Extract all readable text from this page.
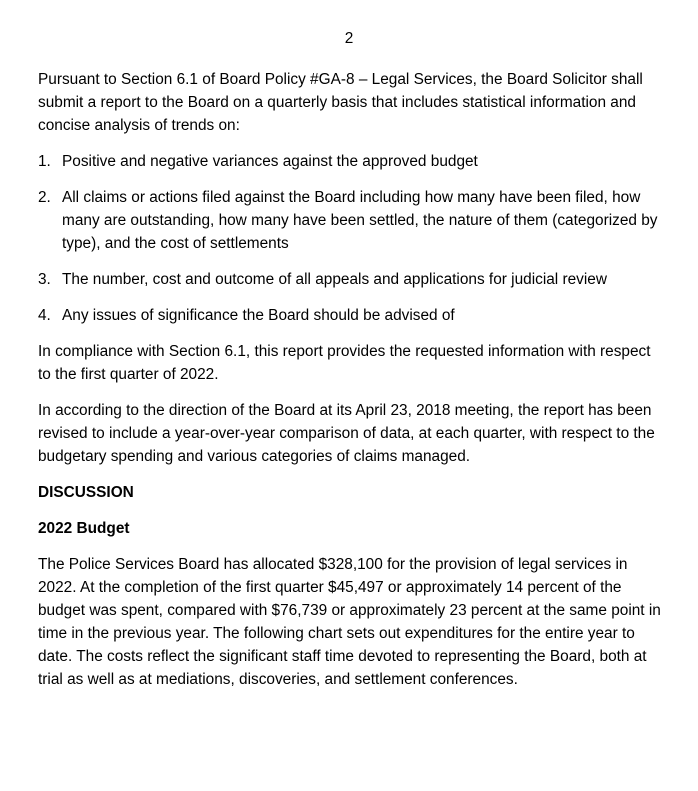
2

Pursuant to Section 6.1 of Board Policy #GA-8 – Legal Services, the Board Solicitor shall submit a report to the Board on a quarterly basis that includes statistical information and concise analysis of trends on:

1. Positive and negative variances against the approved budget
2. All claims or actions filed against the Board including how many have been filed, how many are outstanding, how many have been settled, the nature of them (categorized by type), and the cost of settlements
3. The number, cost and outcome of all appeals and applications for judicial review
4. Any issues of significance the Board should be advised of

In compliance with Section 6.1, this report provides the requested information with respect to the first quarter of 2022.

In according to the direction of the Board at its April 23, 2018 meeting, the report has been revised to include a year-over-year comparison of data, at each quarter, with respect to the budgetary spending and various categories of claims managed.

DISCUSSION

2022 Budget

The Police Services Board has allocated $328,100 for the provision of legal services in 2022. At the completion of the first quarter $45,497 or approximately 14 percent of the budget was spent, compared with $76,739 or approximately 23 percent at the same point in time in the previous year. The following chart sets out expenditures for the entire year to date. The costs reflect the significant staff time devoted to representing the Board, both at trial as well as at mediations, discoveries, and settlement conferences.
